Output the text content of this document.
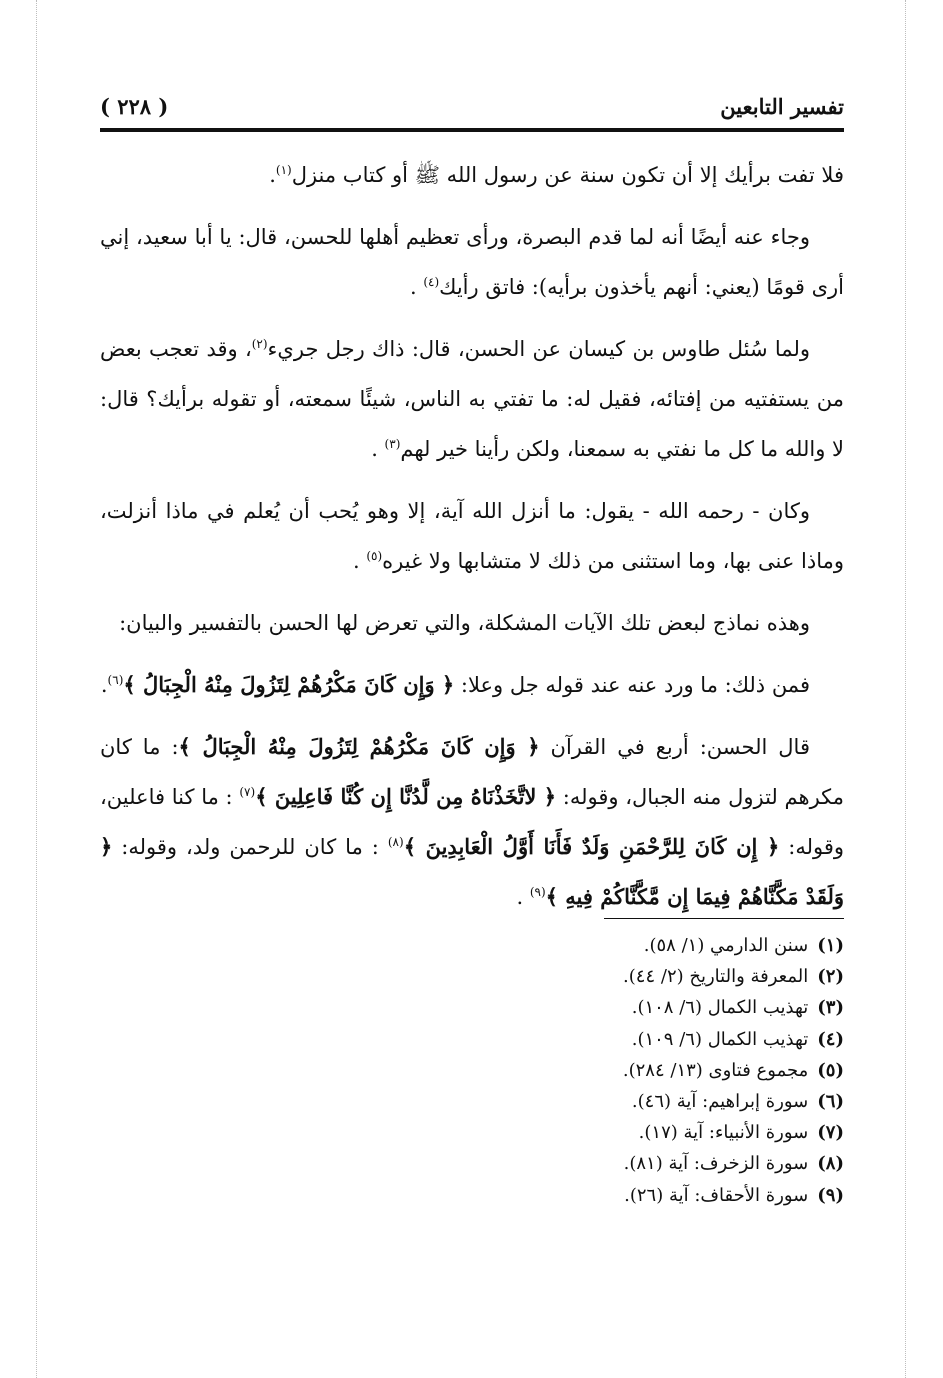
تفسير التابعين
( ٢٢٨ )

فلا تفت برأيك إلا أن تكون سنة عن رسول الله ﷺ أو كتاب منزل$^{(١)}$.

وجاء عنه أيضًا أنه لما قدم البصرة، ورأى تعظيم أهلها للحسن، قال: يا أبا سعيد، إني أرى قومًا (يعني: أنهم يأخذون برأيه): فاتق رأيك$^{(٤)}$ .

ولما سُئل طاوس بن كيسان عن الحسن، قال: ذاك رجل جريء$^{(٢)}$، وقد تعجب بعض من يستفتيه من إفتائه، فقيل له: ما تفتي به الناس، شيئًا سمعته، أو تقوله برأيك؟ قال: لا والله ما كل ما نفتي به سمعنا، ولكن رأينا خير لهم$^{(٣)}$ .

وكان - رحمه الله - يقول: ما أنزل الله آية، إلا وهو يُحب أن يُعلم في ماذا أنزلت، وماذا عنى بها، وما استثنى من ذلك لا متشابها ولا غيره$^{(٥)}$ .

وهذه نماذج لبعض تلك الآيات المشكلة، والتي تعرض لها الحسن بالتفسير والبيان:

فمن ذلك: ما ورد عنه عند قوله جل وعلا: ﴿ وَإِن كَانَ مَكْرُهُمْ لِتَزُولَ مِنْهُ الْجِبَالُ ﴾$^{(٦)}$.

قال الحسن: أربع في القرآن ﴿ وَإِن كَانَ مَكْرُهُمْ لِتَزُولَ مِنْهُ الْجِبَالُ ﴾: ما كان مكرهم لتزول منه الجبال، وقوله: ﴿ لاتَّخَذْنَاهُ مِن لَّدُنَّا إِن كُنَّا فَاعِلِينَ ﴾$^{(٧)}$ : ما كنا فاعلين، وقوله: ﴿ إِن كَانَ لِلرَّحْمَنِ وَلَدٌ فَأَنَا أَوَّلُ الْعَابِدِينَ ﴾$^{(٨)}$ : ما كان للرحمن ولد، وقوله: ﴿ وَلَقَدْ مَكَّنَّاهُمْ فِيمَا إِن مَّكَّنَّاكُمْ فِيهِ ﴾$^{(٩)}$ .

(١) سنن الدارمي (١/ ٥٨).
(٢) المعرفة والتاريخ (٢/ ٤٤).
(٣) تهذيب الكمال (٦/ ١٠٨).
(٤) تهذيب الكمال (٦/ ١٠٩).
(٥) مجموع فتاوى (١٣/ ٢٨٤).
(٦) سورة إبراهيم: آية (٤٦).
(٧) سورة الأنبياء: آية (١٧).
(٨) سورة الزخرف: آية (٨١).
(٩) سورة الأحقاف: آية (٢٦).
